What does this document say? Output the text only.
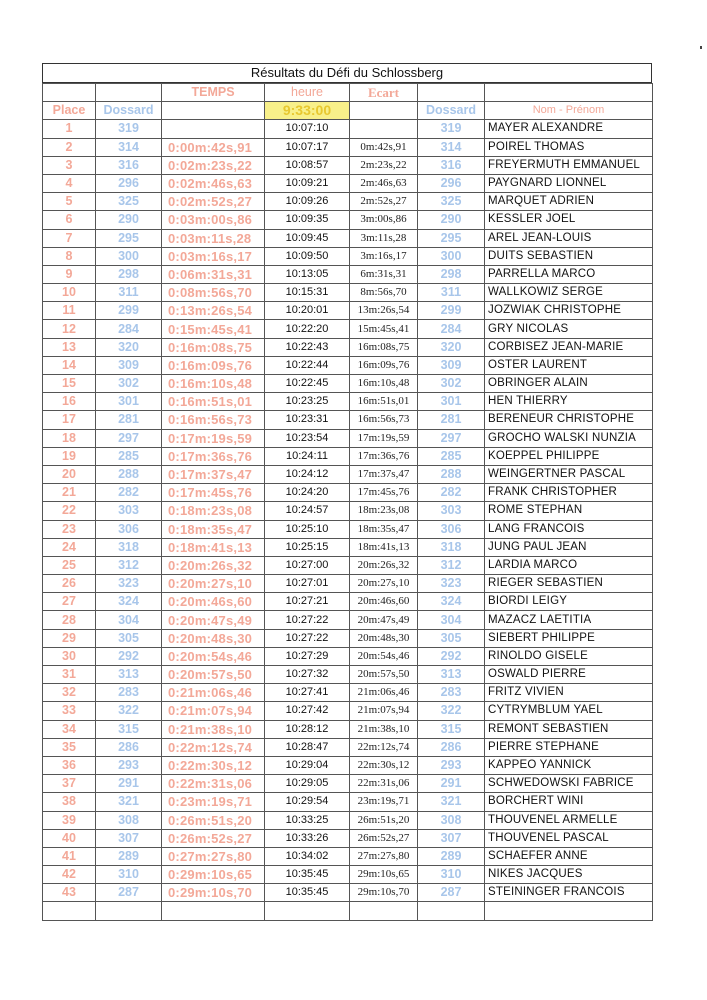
Résultats du Défi du Schlossberg
		TEMPS	heure	Ecart		
Place	Dossard		9:33:00		Dossard	Nom - Prénom
1	319		10:07:10		319	MAYER ALEXANDRE
2	314	0:00m:42s,91	10:07:17	0m:42s,91	314	POIREL THOMAS
3	316	0:02m:23s,22	10:08:57	2m:23s,22	316	FREYERMUTH EMMANUEL
4	296	0:02m:46s,63	10:09:21	2m:46s,63	296	PAYGNARD LIONNEL
5	325	0:02m:52s,27	10:09:26	2m:52s,27	325	MARQUET ADRIEN
6	290	0:03m:00s,86	10:09:35	3m:00s,86	290	KESSLER JOEL
7	295	0:03m:11s,28	10:09:45	3m:11s,28	295	AREL JEAN-LOUIS
8	300	0:03m:16s,17	10:09:50	3m:16s,17	300	DUITS SEBASTIEN
9	298	0:06m:31s,31	10:13:05	6m:31s,31	298	PARRELLA MARCO
10	311	0:08m:56s,70	10:15:31	8m:56s,70	311	WALLKOWIZ SERGE
11	299	0:13m:26s,54	10:20:01	13m:26s,54	299	JOZWIAK CHRISTOPHE
12	284	0:15m:45s,41	10:22:20	15m:45s,41	284	GRY NICOLAS
13	320	0:16m:08s,75	10:22:43	16m:08s,75	320	CORBISEZ JEAN-MARIE
14	309	0:16m:09s,76	10:22:44	16m:09s,76	309	OSTER LAURENT
15	302	0:16m:10s,48	10:22:45	16m:10s,48	302	OBRINGER ALAIN
16	301	0:16m:51s,01	10:23:25	16m:51s,01	301	HEN THIERRY
17	281	0:16m:56s,73	10:23:31	16m:56s,73	281	BERENEUR CHRISTOPHE
18	297	0:17m:19s,59	10:23:54	17m:19s,59	297	GROCHO WALSKI NUNZIA
19	285	0:17m:36s,76	10:24:11	17m:36s,76	285	KOEPPEL PHILIPPE
20	288	0:17m:37s,47	10:24:12	17m:37s,47	288	WEINGERTNER PASCAL
21	282	0:17m:45s,76	10:24:20	17m:45s,76	282	FRANK CHRISTOPHER
22	303	0:18m:23s,08	10:24:57	18m:23s,08	303	ROME STEPHAN
23	306	0:18m:35s,47	10:25:10	18m:35s,47	306	LANG FRANCOIS
24	318	0:18m:41s,13	10:25:15	18m:41s,13	318	JUNG PAUL JEAN
25	312	0:20m:26s,32	10:27:00	20m:26s,32	312	LARDIA MARCO
26	323	0:20m:27s,10	10:27:01	20m:27s,10	323	RIEGER SEBASTIEN
27	324	0:20m:46s,60	10:27:21	20m:46s,60	324	BIORDI LEIGY
28	304	0:20m:47s,49	10:27:22	20m:47s,49	304	MAZACZ LAETITIA
29	305	0:20m:48s,30	10:27:22	20m:48s,30	305	SIEBERT PHILIPPE
30	292	0:20m:54s,46	10:27:29	20m:54s,46	292	RINOLDO GISELE
31	313	0:20m:57s,50	10:27:32	20m:57s,50	313	OSWALD PIERRE
32	283	0:21m:06s,46	10:27:41	21m:06s,46	283	FRITZ VIVIEN
33	322	0:21m:07s,94	10:27:42	21m:07s,94	322	CYTRYMBLUM YAEL
34	315	0:21m:38s,10	10:28:12	21m:38s,10	315	REMONT SEBASTIEN
35	286	0:22m:12s,74	10:28:47	22m:12s,74	286	PIERRE STEPHANE
36	293	0:22m:30s,12	10:29:04	22m:30s,12	293	KAPPEO YANNICK
37	291	0:22m:31s,06	10:29:05	22m:31s,06	291	SCHWEDOWSKI FABRICE
38	321	0:23m:19s,71	10:29:54	23m:19s,71	321	BORCHERT WINI
39	308	0:26m:51s,20	10:33:25	26m:51s,20	308	THOUVENEL ARMELLE
40	307	0:26m:52s,27	10:33:26	26m:52s,27	307	THOUVENEL PASCAL
41	289	0:27m:27s,80	10:34:02	27m:27s,80	289	SCHAEFER ANNE
42	310	0:29m:10s,65	10:35:45	29m:10s,65	310	NIKES JACQUES
43	287	0:29m:10s,70	10:35:45	29m:10s,70	287	STEININGER FRANCOIS
